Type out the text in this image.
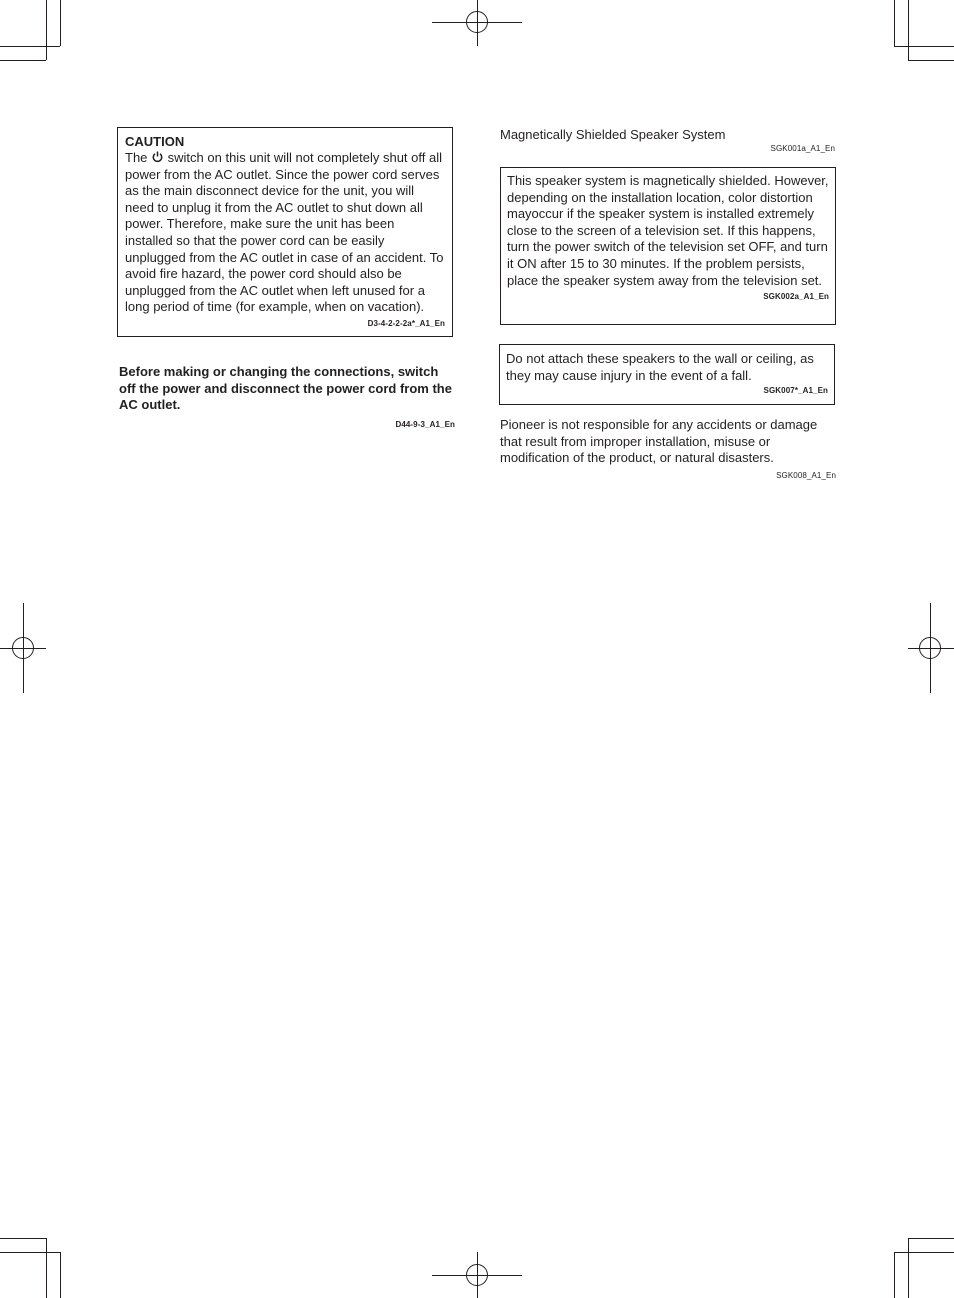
CAUTION
The switch on this unit will not completely shut off all power from the AC outlet. Since the power cord serves as the main disconnect device for the unit, you will need to unplug it from the AC outlet to shut down all power. Therefore, make sure the unit has been installed so that the power cord can be easily unplugged from the AC outlet in case of an accident. To avoid fire hazard, the power cord should also be unplugged from the AC outlet when left unused for a long period of time (for example, when on vacation).
D3-4-2-2-2a*_A1_En
Before making or changing the connections, switch off the power and disconnect the power cord from the AC outlet.
D44-9-3_A1_En
Magnetically Shielded Speaker System
SGK001a_A1_En
This speaker system is magnetically shielded. However, depending on the installation location, color distortion mayoccur if the speaker system is installed extremely close to the screen of a television set. If this happens, turn the power switch of the television set OFF, and turn it ON after 15 to 30 minutes. If the problem persists, place the speaker system away from the television set.
SGK002a_A1_En
Do not attach these speakers to the wall or ceiling, as they may cause injury in the event of a fall.
SGK007*_A1_En
Pioneer is not responsible for any accidents or damage that result from improper installation, misuse or modification of the product, or natural disasters.
SGK008_A1_En
